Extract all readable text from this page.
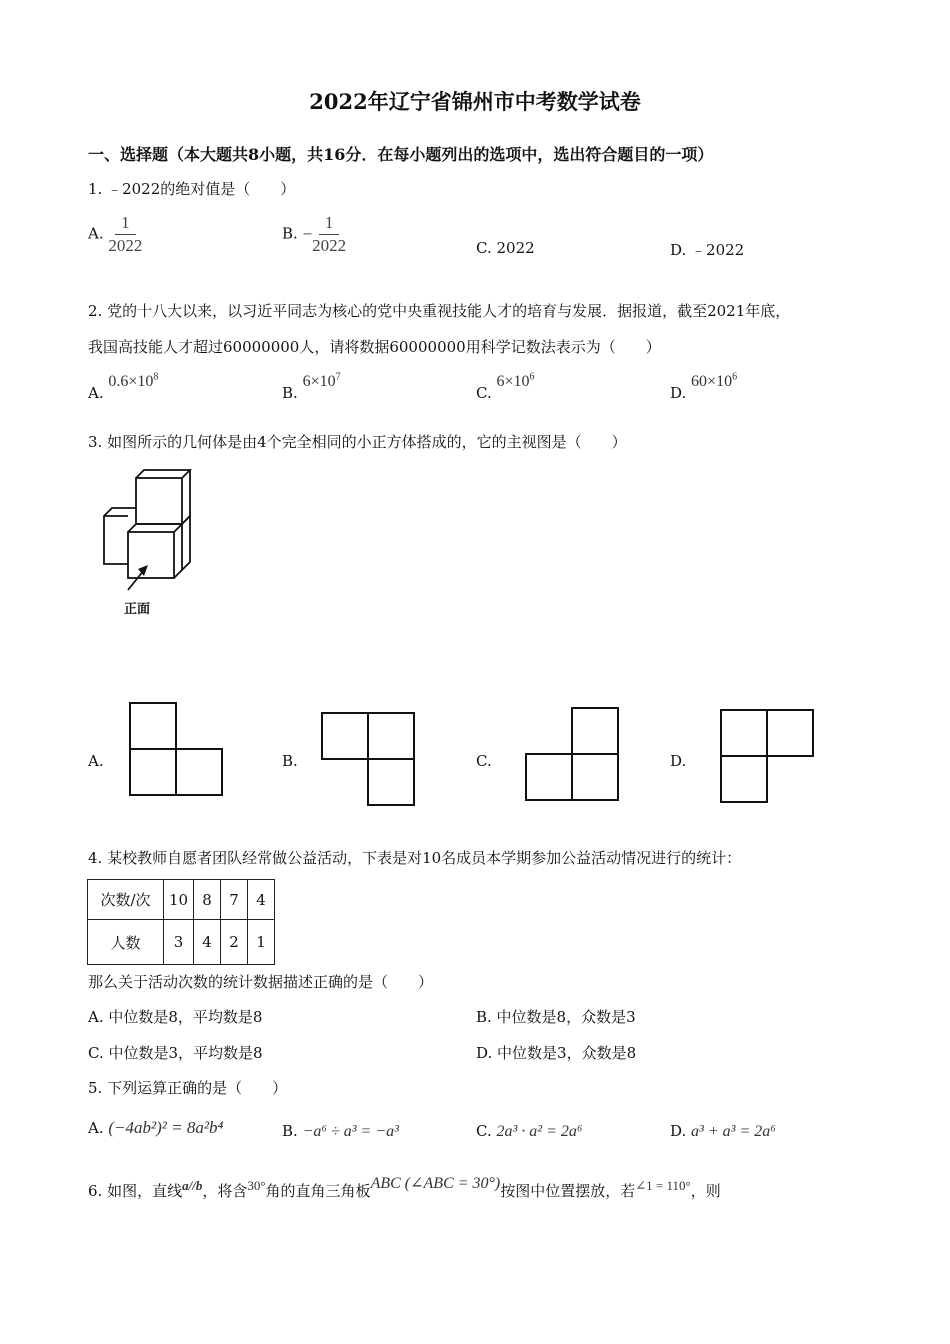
2022年辽宁省锦州市中考数学试卷
一、选择题（本大题共8小题，共16分．在每小题列出的选项中，选出符合题目的一项）
1. ﹣2022的绝对值是（　　）
A. $\frac{1}{2022}$	B. − $\frac{1}{2022}$	C. 2022	D. ﹣2022
2. 党的十八大以来，以习近平同志为核心的党中央重视技能人才的培育与发展．据报道，截至2021年底，
我国高技能人才超过60000000人，请将数据60000000用科学记数法表示为（　　）
A. $0.6\times 10^8$
B. $6\times 10^7$
C. $6\times 10^6$
D. $60\times 10^6$
3. 如图所示的几何体是由4个完全相同的小正方体搭成的，它的主视图是（　　）
正面
A.	B.	C.	D.
4. 某校教师自愿者团队经常做公益活动，下表是对10名成员本学期参加公益活动情况进行的统计：
次数/次	10	8	7	4
人数	3	4	2	1
那么关于活动次数的统计数据描述正确的是（　　）
A. 中位数是8，平均数是8	B. 中位数是8，众数是3
C. 中位数是3，平均数是8	D. 中位数是3，众数是8
5. 下列运算正确的是（　　）
A. (−4ab²)² = 8a²b⁴	B. −a⁶ ÷ a³ = −a³	C. 2a³ · a² = 2a⁶	D. a³ + a³ = 2a⁶
6. 如图，直线a//b，将含30°角的直角三角板ABC (∠ABC = 30°)按图中位置摆放，若∠1 = 110°，则
